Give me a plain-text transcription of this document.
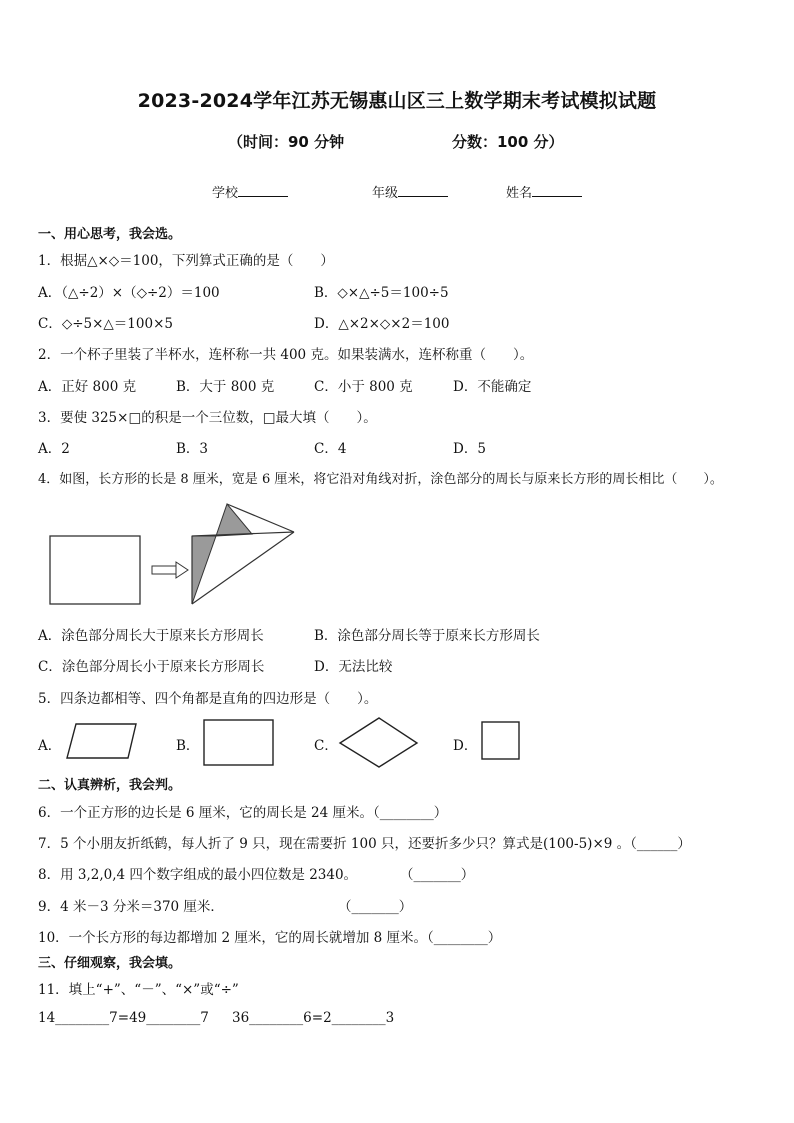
2023-2024学年江苏无锡惠山区三上数学期末考试模拟试题
（时间：90 分钟	分数：100 分）
学校	年级	姓名
一、用心思考，我会选。
1．根据△×◇＝100，下列算式正确的是（　　）
A．（△÷2）×（◇÷2）＝100	B．◇×△÷5＝100÷5
C．◇÷5×△＝100×5	D．△×2×◇×2＝100
2．一个杯子里装了半杯水，连杯称一共 400 克。如果装满水，连杯称重（　　）。
A．正好 800 克	B．大于 800 克	C．小于 800 克	D．不能确定
3．要使 325×□的积是一个三位数，□最大填（　　）。
A．2	B．3	C．4	D．5
4．如图，长方形的长是 8 厘米，宽是 6 厘米，将它沿对角线对折，涂色部分的周长与原来长方形的周长相比（　　）。
A．涂色部分周长大于原来长方形周长	B．涂色部分周长等于原来长方形周长
C．涂色部分周长小于原来长方形周长	D．无法比较
5．四条边都相等、四个角都是直角的四边形是（　　）。
A．	B．	C．	D．
二、认真辨析，我会判。
6．一个正方形的边长是 6 厘米，它的周长是 24 厘米。（________）
7．5 个小朋友折纸鹤，每人折了 9 只，现在需要折 100 只，还要折多少只？算式是(100-5)×9 。（______）
8．用 3,2,0,4 四个数字组成的最小四位数是 2340。	（_______）
9．4 米－3 分米＝370 厘米．	（_______）
10．一个长方形的每边都增加 2 厘米，它的周长就增加 8 厘米。（________）
三、仔细观察，我会填。
11．填上“+”、“－”、“×”或“÷”
14________7=49________7 36________6=2________3
